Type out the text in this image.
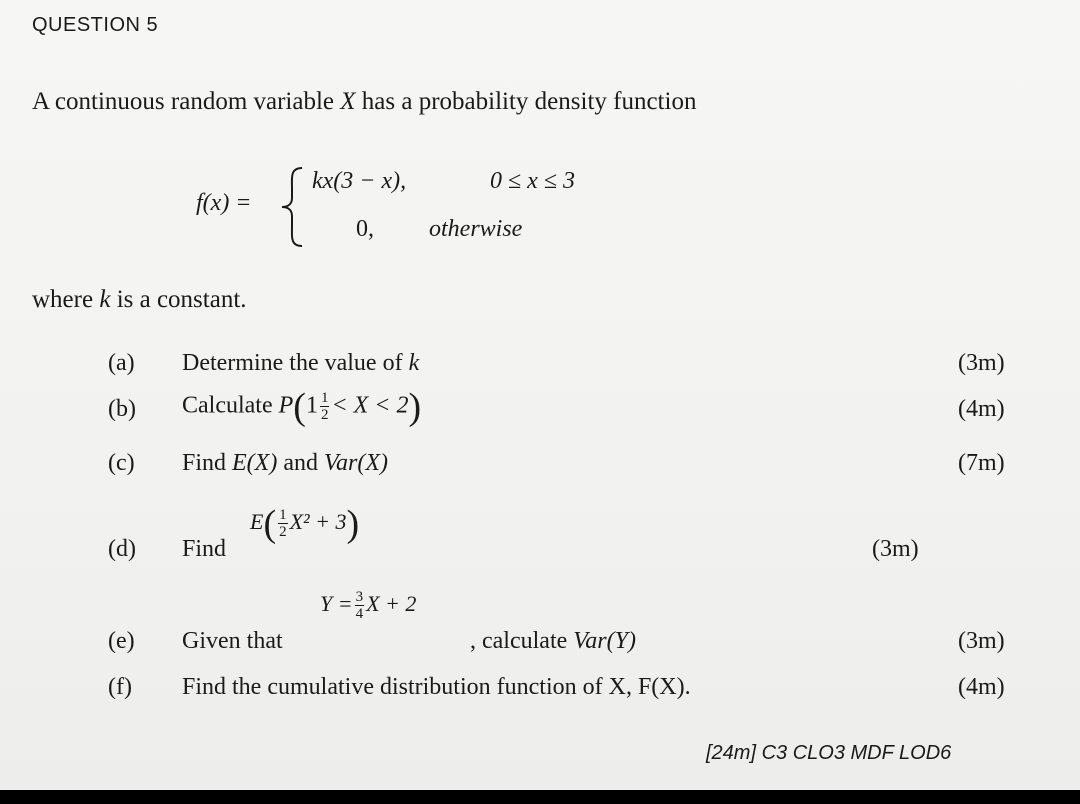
QUESTION 5
A continuous random variable X has a probability density function
f(x) =
kx(3 − x),	0 ≤ x ≤ 3
0, otherwise
where k is a constant.
(a) Determine the value of k	(3m)
(b) Calculate $P(1 \frac{1}{2} < X < 2)$	(4m)
(c) Find E(X) and Var(X)	(7m)
(d) Find	(3m)
$E( \frac{1}{2} X^2 + 3)$
(e) Given that	, calculate Var(Y)	(3m)
$Y = \frac{3}{4}$ X + 2
(f) Find the cumulative distribution function of X, F(X).	(4m)
[24m] C3 CLO3 MDF LOD6
